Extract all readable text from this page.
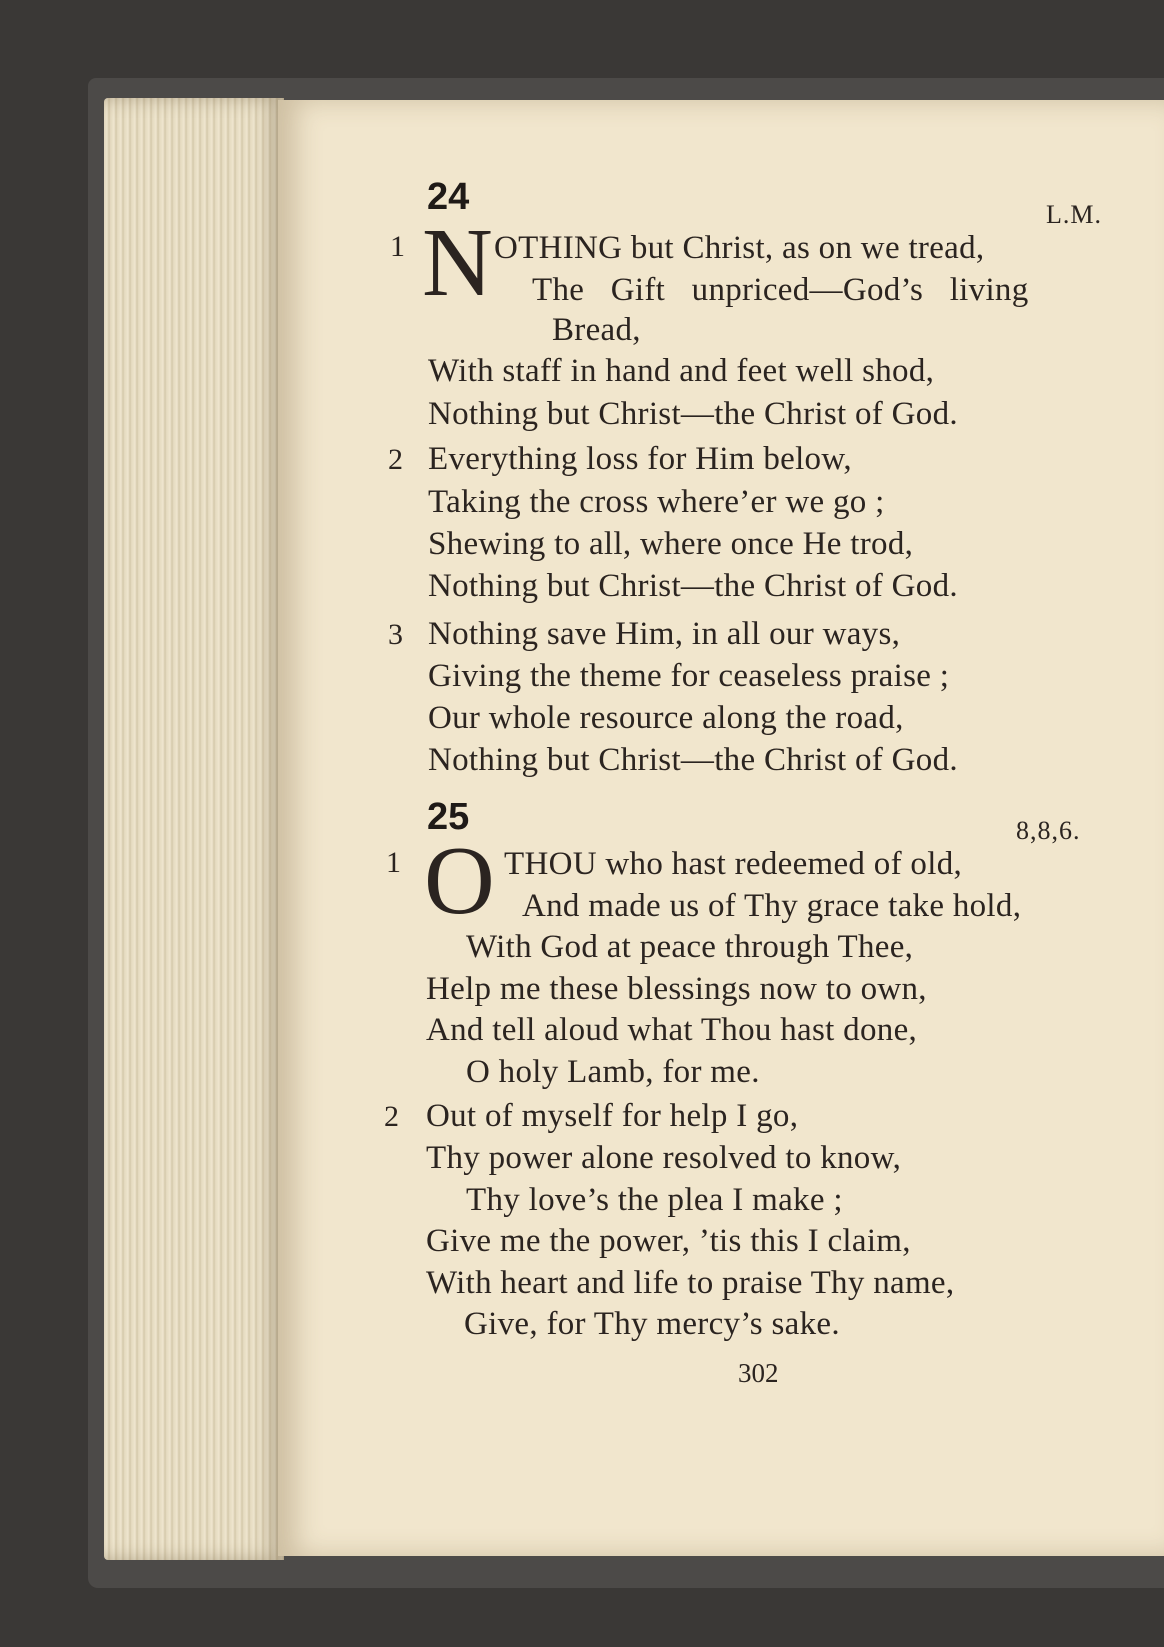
24	L.M.
1 N OTHING but Christ, as on we tread,
The Gift unpriced—God’s living
Bread,
With staff in hand and feet well shod,
Nothing but Christ—the Christ of God.
2 Everything loss for Him below,
Taking the cross where’er we go ;
Shewing to all, where once He trod,
Nothing but Christ—the Christ of God.
3 Nothing save Him, in all our ways,
Giving the theme for ceaseless praise ;
Our whole resource along the road,
Nothing but Christ—the Christ of God.
25	8,8,6.
1 O THOU who hast redeemed of old,
And made us of Thy grace take hold,
With God at peace through Thee,
Help me these blessings now to own,
And tell aloud what Thou hast done,
O holy Lamb, for me.
2 Out of myself for help I go,
Thy power alone resolved to know,
Thy love’s the plea I make ;
Give me the power, ’tis this I claim,
With heart and life to praise Thy name,
Give, for Thy mercy’s sake.
302
